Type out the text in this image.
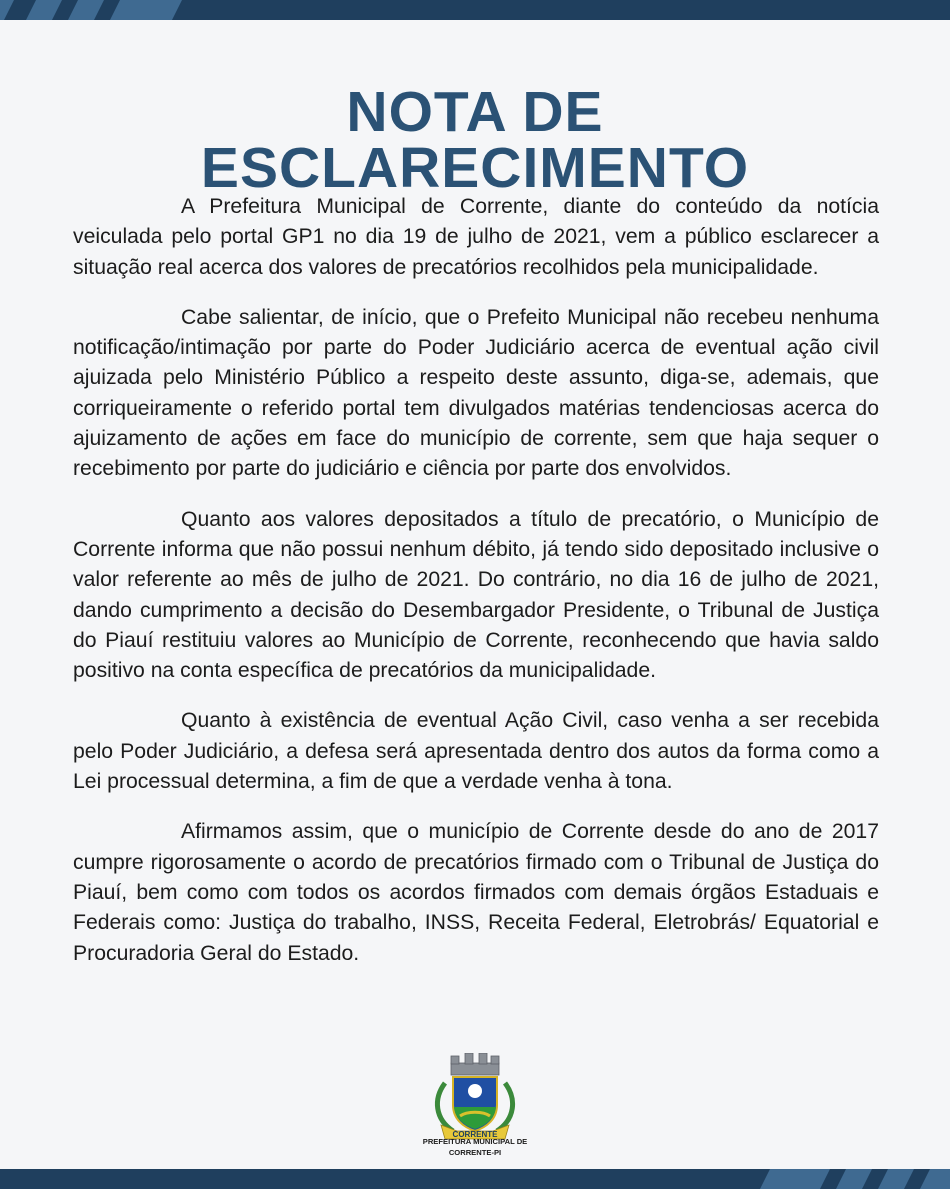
NOTA DE
ESCLARECIMENTO

A Prefeitura Municipal de Corrente, diante do conteúdo da notícia veiculada pelo portal GP1 no dia 19 de julho de 2021, vem a público esclarecer a situação real acerca dos valores de precatórios recolhidos pela municipalidade.

Cabe salientar, de início, que o Prefeito Municipal não recebeu nenhuma notificação/intimação por parte do Poder Judiciário acerca de eventual ação civil ajuizada pelo Ministério Público a respeito deste assunto, diga-se, ademais, que corriqueiramente o referido portal tem divulgados matérias tendenciosas acerca do ajuizamento de ações em face do município de corrente, sem que haja sequer o recebimento por parte do judiciário e ciência por parte dos envolvidos.

Quanto aos valores depositados a título de precatório, o Município de Corrente informa que não possui nenhum débito, já tendo sido depositado inclusive o valor referente ao mês de julho de 2021. Do contrário, no dia 16 de julho de 2021, dando cumprimento a decisão do Desembargador Presidente, o Tribunal de Justiça do Piauí restituiu valores ao Município de Corrente, reconhecendo que havia saldo positivo na conta específica de precatórios da municipalidade.

Quanto à existência de eventual Ação Civil, caso venha a ser recebida pelo Poder Judiciário, a defesa será apresentada dentro dos autos da forma como a Lei processual determina, a fim de que a verdade venha à tona.

Afirmamos assim, que o município de Corrente desde do ano de 2017 cumpre rigorosamente o acordo de precatórios firmado com o Tribunal de Justiça do Piauí, bem como com todos os acordos firmados com demais órgãos Estaduais e Federais como: Justiça do trabalho, INSS, Receita Federal, Eletrobrás/ Equatorial e Procuradoria Geral do Estado.

CORRENTE
PREFEITURA MUNICIPAL DE
CORRENTE-PI
